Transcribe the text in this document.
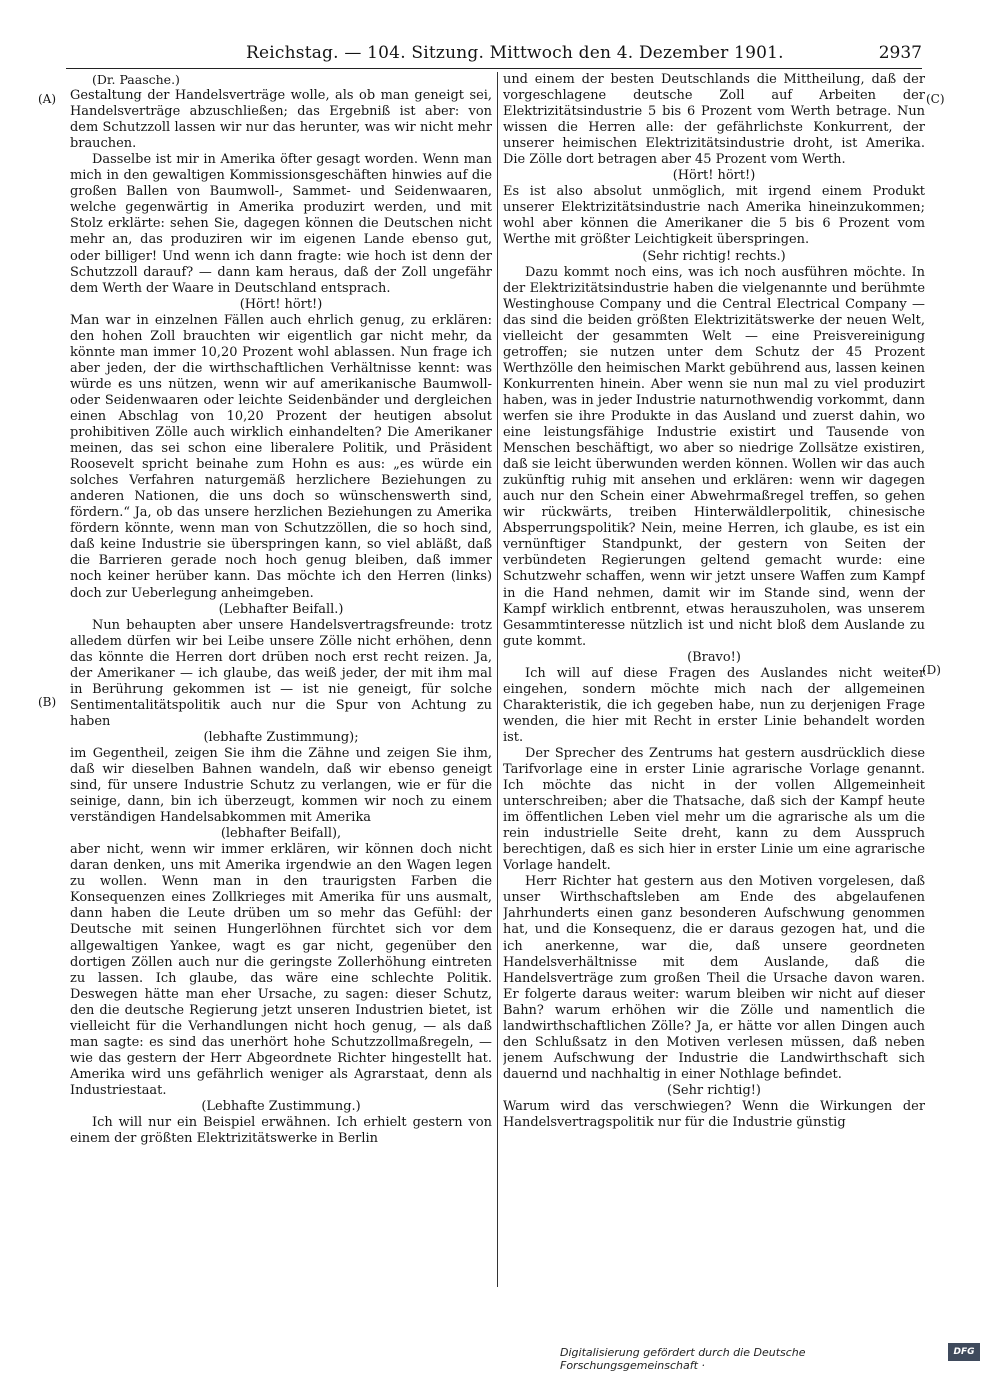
Reichstag. — 104. Sitzung. Mittwoch den 4. Dezember 1901.	2937
(A)
(B)
(C)
(D)

(Dr. Paasche.)

Gestaltung der Handelsverträge wolle, als ob man geneigt sei, Handelsverträge abzuschließen; das Ergebniß ist aber: von dem Schutzzoll lassen wir nur das herunter, was wir nicht mehr brauchen.

Dasselbe ist mir in Amerika öfter gesagt worden. Wenn man mich in den gewaltigen Kommissionsgeschäften hinwies auf die großen Ballen von Baumwoll-, Sammet- und Seidenwaaren, welche gegenwärtig in Amerika produzirt werden, und mit Stolz erklärte: sehen Sie, dagegen können die Deutschen nicht mehr an, das produziren wir im eigenen Lande ebenso gut, oder billiger! Und wenn ich dann fragte: wie hoch ist denn der Schutzzoll darauf? — dann kam heraus, daß der Zoll ungefähr dem Werth der Waare in Deutschland entsprach.

(Hört! hört!)

Man war in einzelnen Fällen auch ehrlich genug, zu erklären: den hohen Zoll brauchten wir eigentlich gar nicht mehr, da könnte man immer 10,20 Prozent wohl ablassen. Nun frage ich aber jeden, der die wirthschaftlichen Verhältnisse kennt: was würde es uns nützen, wenn wir auf amerikanische Baumwoll- oder Seidenwaaren oder leichte Seidenbänder und dergleichen einen Abschlag von 10,20 Prozent der heutigen absolut prohibitiven Zölle auch wirklich einhandelten? Die Amerikaner meinen, das sei schon eine liberalere Politik, und Präsident Roosevelt spricht beinahe zum Hohn es aus: „es würde ein solches Verfahren naturgemäß herzlichere Beziehungen zu anderen Nationen, die uns doch so wünschenswerth sind, fördern.“ Ja, ob das unsere herzlichen Beziehungen zu Amerika fördern könnte, wenn man von Schutzzöllen, die so hoch sind, daß keine Industrie sie überspringen kann, so viel abläßt, daß die Barrieren gerade noch hoch genug bleiben, daß immer noch keiner herüber kann. Das möchte ich den Herren (links) doch zur Ueberlegung anheimgeben.

(Lebhafter Beifall.)

Nun behaupten aber unsere Handelsvertragsfreunde: trotz alledem dürfen wir bei Leibe unsere Zölle nicht erhöhen, denn das könnte die Herren dort drüben noch erst recht reizen. Ja, der Amerikaner — ich glaube, das weiß jeder, der mit ihm mal in Berührung gekommen ist — ist nie geneigt, für solche Sentimentalitätspolitik auch nur die Spur von Achtung zu haben

(lebhafte Zustimmung);

im Gegentheil, zeigen Sie ihm die Zähne und zeigen Sie ihm, daß wir dieselben Bahnen wandeln, daß wir ebenso geneigt sind, für unsere Industrie Schutz zu verlangen, wie er für die seinige, dann, bin ich überzeugt, kommen wir noch zu einem verständigen Handelsabkommen mit Amerika

(lebhafter Beifall),

aber nicht, wenn wir immer erklären, wir können doch nicht daran denken, uns mit Amerika irgendwie an den Wagen legen zu wollen. Wenn man in den traurigsten Farben die Konsequenzen eines Zollkrieges mit Amerika für uns ausmalt, dann haben die Leute drüben um so mehr das Gefühl: der Deutsche mit seinen Hungerlöhnen fürchtet sich vor dem allgewaltigen Yankee, wagt es gar nicht, gegenüber den dortigen Zöllen auch nur die geringste Zollerhöhung eintreten zu lassen. Ich glaube, das wäre eine schlechte Politik. Deswegen hätte man eher Ursache, zu sagen: dieser Schutz, den die deutsche Regierung jetzt unseren Industrien bietet, ist vielleicht für die Verhandlungen nicht hoch genug, — als daß man sagte: es sind das unerhört hohe Schutzzollmaßregeln, — wie das gestern der Herr Abgeordnete Richter hingestellt hat. Amerika wird uns gefährlich weniger als Agrarstaat, denn als Industriestaat.

(Lebhafte Zustimmung.)

Ich will nur ein Beispiel erwähnen. Ich erhielt gestern von einem der größten Elektrizitätswerke in Berlin

und einem der besten Deutschlands die Mittheilung, daß der vorgeschlagene deutsche Zoll auf Arbeiten der Elektrizitätsindustrie 5 bis 6 Prozent vom Werth betrage. Nun wissen die Herren alle: der gefährlichste Konkurrent, der unserer heimischen Elektrizitätsindustrie droht, ist Amerika. Die Zölle dort betragen aber 45 Prozent vom Werth.

(Hört! hört!)

Es ist also absolut unmöglich, mit irgend einem Produkt unserer Elektrizitätsindustrie nach Amerika hineinzukommen; wohl aber können die Amerikaner die 5 bis 6 Prozent vom Werthe mit größter Leichtigkeit überspringen.

(Sehr richtig! rechts.)

Dazu kommt noch eins, was ich noch ausführen möchte. In der Elektrizitätsindustrie haben die vielgenannte und berühmte Westinghouse Company und die Central Electrical Company — das sind die beiden größten Elektrizitätswerke der neuen Welt, vielleicht der gesammten Welt — eine Preisvereinigung getroffen; sie nutzen unter dem Schutz der 45 Prozent Werthzölle den heimischen Markt gebührend aus, lassen keinen Konkurrenten hinein. Aber wenn sie nun mal zu viel produzirt haben, was in jeder Industrie naturnothwendig vorkommt, dann werfen sie ihre Produkte in das Ausland und zuerst dahin, wo eine leistungsfähige Industrie existirt und Tausende von Menschen beschäftigt, wo aber so niedrige Zollsätze existiren, daß sie leicht überwunden werden können. Wollen wir das auch zukünftig ruhig mit ansehen und erklären: wenn wir dagegen auch nur den Schein einer Abwehrmaßregel treffen, so gehen wir rückwärts, treiben Hinterwäldlerpolitik, chinesische Absperrungspolitik? Nein, meine Herren, ich glaube, es ist ein vernünftiger Standpunkt, der gestern von Seiten der verbündeten Regierungen geltend gemacht wurde: eine Schutzwehr schaffen, wenn wir jetzt unsere Waffen zum Kampf in die Hand nehmen, damit wir im Stande sind, wenn der Kampf wirklich entbrennt, etwas herauszuholen, was unserem Gesammtinteresse nützlich ist und nicht bloß dem Auslande zu gute kommt.

(Bravo!)

Ich will auf diese Fragen des Auslandes nicht weiter eingehen, sondern möchte mich nach der allgemeinen Charakteristik, die ich gegeben habe, nun zu derjenigen Frage wenden, die hier mit Recht in erster Linie behandelt worden ist.

Der Sprecher des Zentrums hat gestern ausdrücklich diese Tarifvorlage eine in erster Linie agrarische Vorlage genannt. Ich möchte das nicht in der vollen Allgemeinheit unterschreiben; aber die Thatsache, daß sich der Kampf heute im öffentlichen Leben viel mehr um die agrarische als um die rein industrielle Seite dreht, kann zu dem Ausspruch berechtigen, daß es sich hier in erster Linie um eine agrarische Vorlage handelt.

Herr Richter hat gestern aus den Motiven vorgelesen, daß unser Wirthschaftsleben am Ende des abgelaufenen Jahrhunderts einen ganz besonderen Aufschwung genommen hat, und die Konsequenz, die er daraus gezogen hat, und die ich anerkenne, war die, daß unsere geordneten Handelsverhältnisse mit dem Auslande, daß die Handelsverträge zum großen Theil die Ursache davon waren. Er folgerte daraus weiter: warum bleiben wir nicht auf dieser Bahn? warum erhöhen wir die Zölle und namentlich die landwirthschaftlichen Zölle? Ja, er hätte vor allen Dingen auch den Schlußsatz in den Motiven verlesen müssen, daß neben jenem Aufschwung der Industrie die Landwirthschaft sich dauernd und nachhaltig in einer Nothlage befindet.

(Sehr richtig!)

Warum wird das verschwiegen? Wenn die Wirkungen der Handelsvertragspolitik nur für die Industrie günstig

Digitalisierung gefördert durch die Deutsche Forschungsgemeinschaft ·
DFG
